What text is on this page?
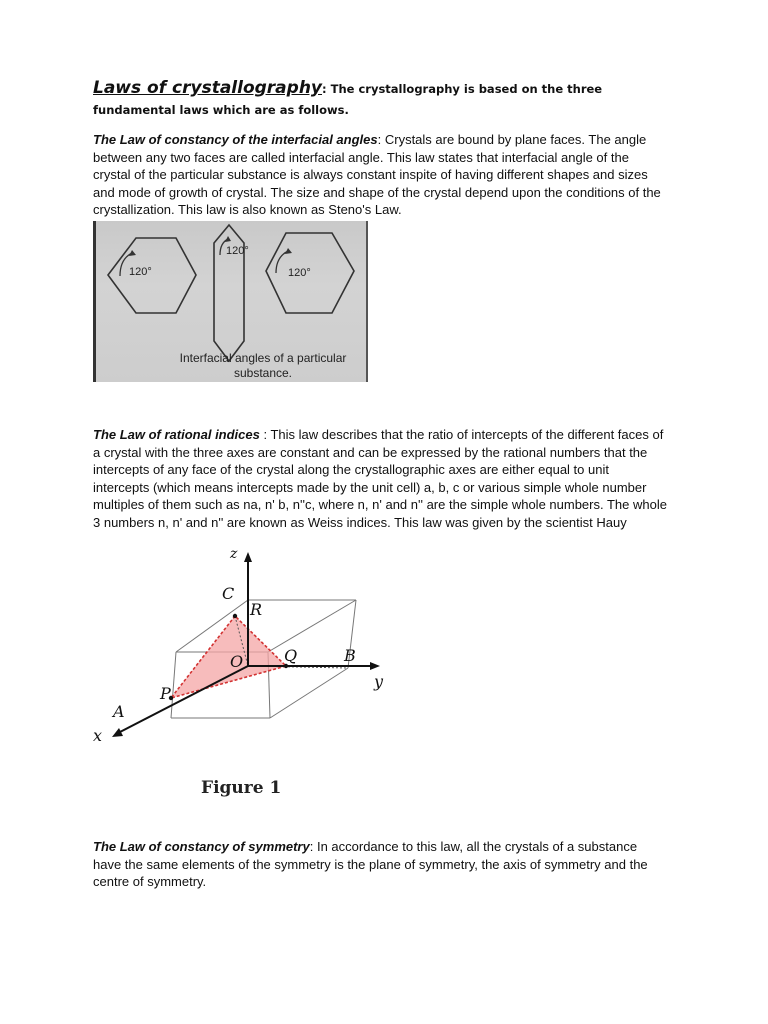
Laws of crystallography: The crystallography is based on the three fundamental laws which are as follows.
The Law of constancy of the interfacial angles: Crystals are bound by plane faces. The angle between any two faces are called interfacial angle. This law states that interfacial angle of the crystal of the particular substance is always constant inspite of having different shapes and sizes and mode of growth of crystal. The size and shape of the crystal depend upon the conditions of the crystallization. This law is also known as Steno's Law.
120°
120°
120°
Interfacial angles of a particular substance.
The Law of rational indices : This law describes that the ratio of intercepts of the different faces of a crystal with the three axes are constant and can be expressed by the rational numbers that the intercepts of any face of the crystal along the crystallographic axes are either equal to unit intercepts (which means intercepts made by the unit cell) a, b, c or various simple whole number multiples of them such as na, n' b, n''c, where n, n' and n'' are the simple whole numbers. The whole 3 numbers n, n' and n'' are known as Weiss indices. This law was given by the scientist Hauy
z
C
R
O	Q	B
y
P
A
x
Figure 1
The Law of constancy of symmetry: In accordance to this law, all the crystals of a substance have the same elements of the symmetry is the plane of symmetry, the axis of symmetry and the centre of symmetry.
